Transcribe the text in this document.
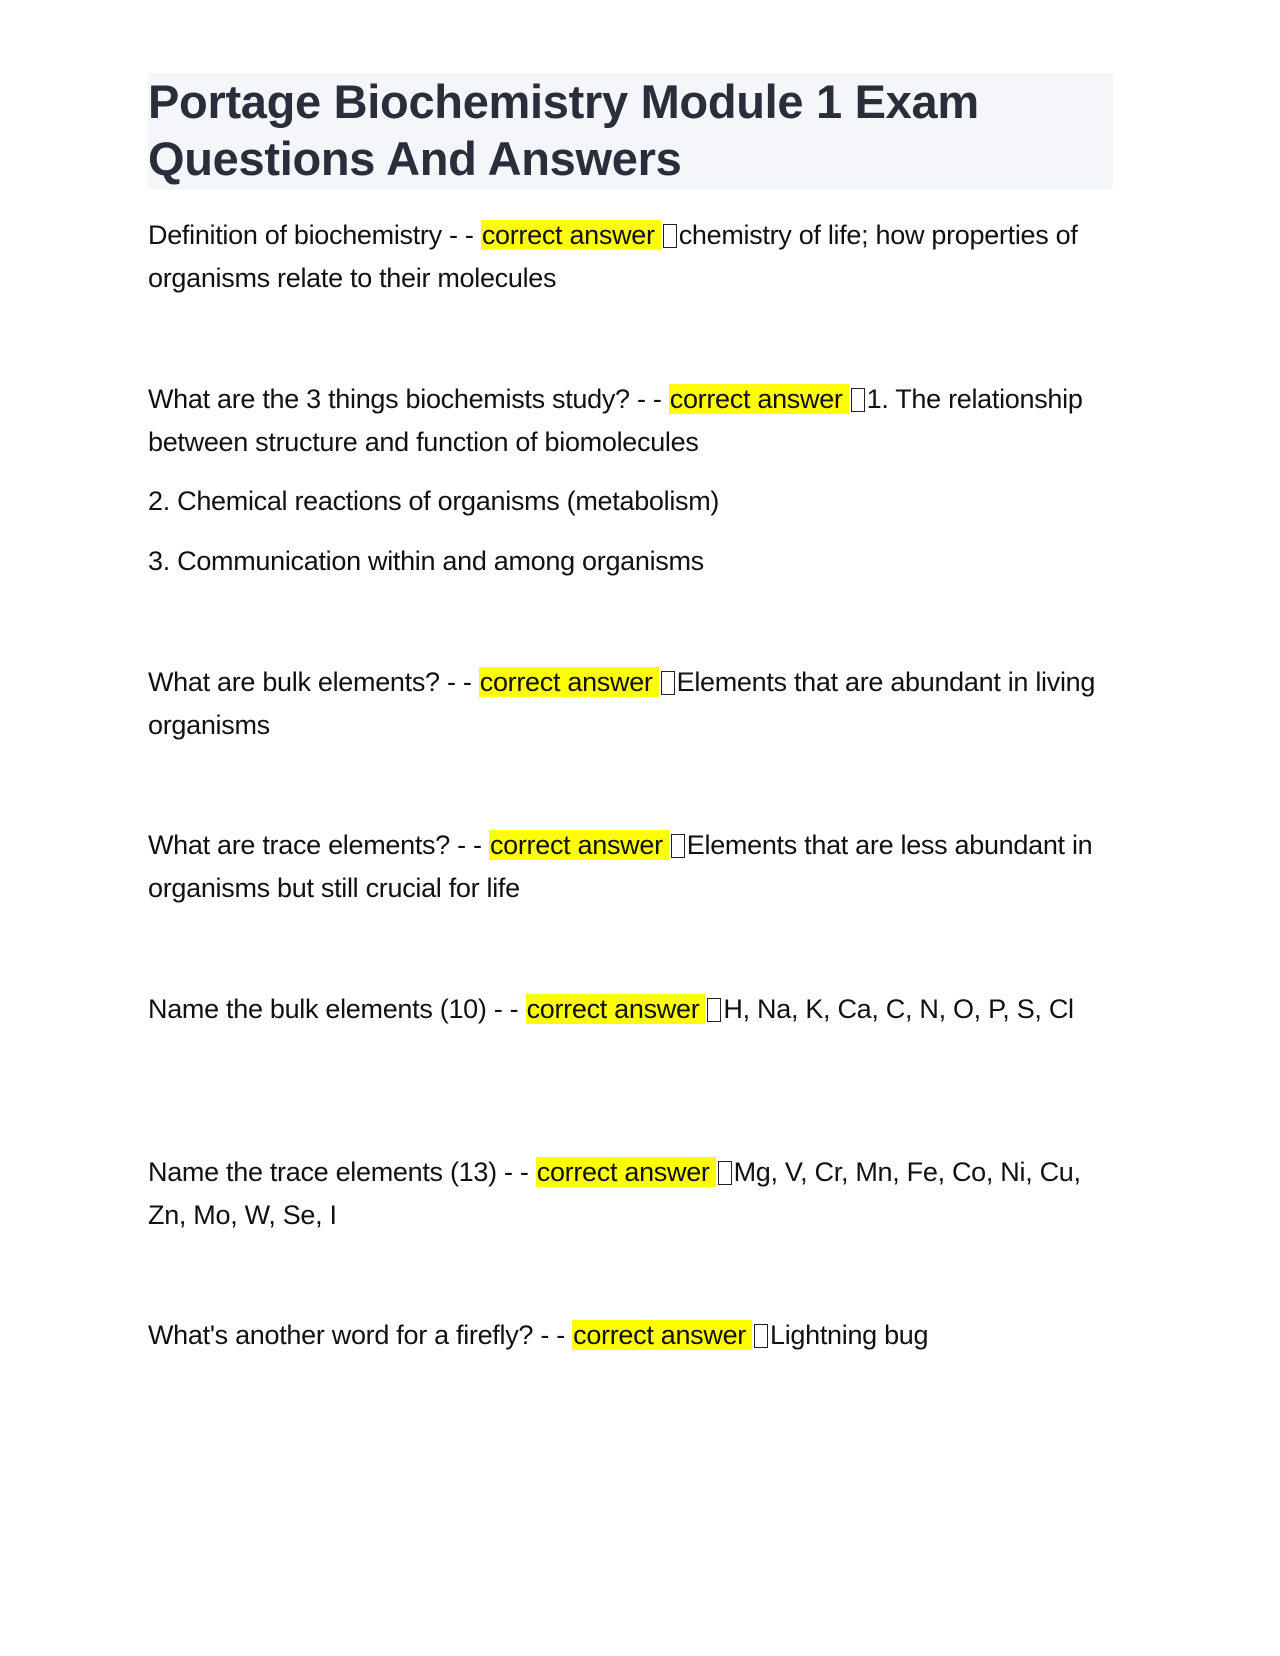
Portage Biochemistry Module 1 Exam Questions And Answers
Definition of biochemistry - - correct answer chemistry of life; how properties of organisms relate to their molecules
What are the 3 things biochemists study? - - correct answer 1. The relationship between structure and function of biomolecules
2. Chemical reactions of organisms (metabolism)
3. Communication within and among organisms
What are bulk elements? - - correct answer Elements that are abundant in living organisms
What are trace elements? - - correct answer Elements that are less abundant in organisms but still crucial for life
Name the bulk elements (10) - - correct answer H, Na, K, Ca, C, N, O, P, S, Cl
Name the trace elements (13) - - correct answer Mg, V, Cr, Mn, Fe, Co, Ni, Cu, Zn, Mo, W, Se, I
What's another word for a firefly? - - correct answer Lightning bug
